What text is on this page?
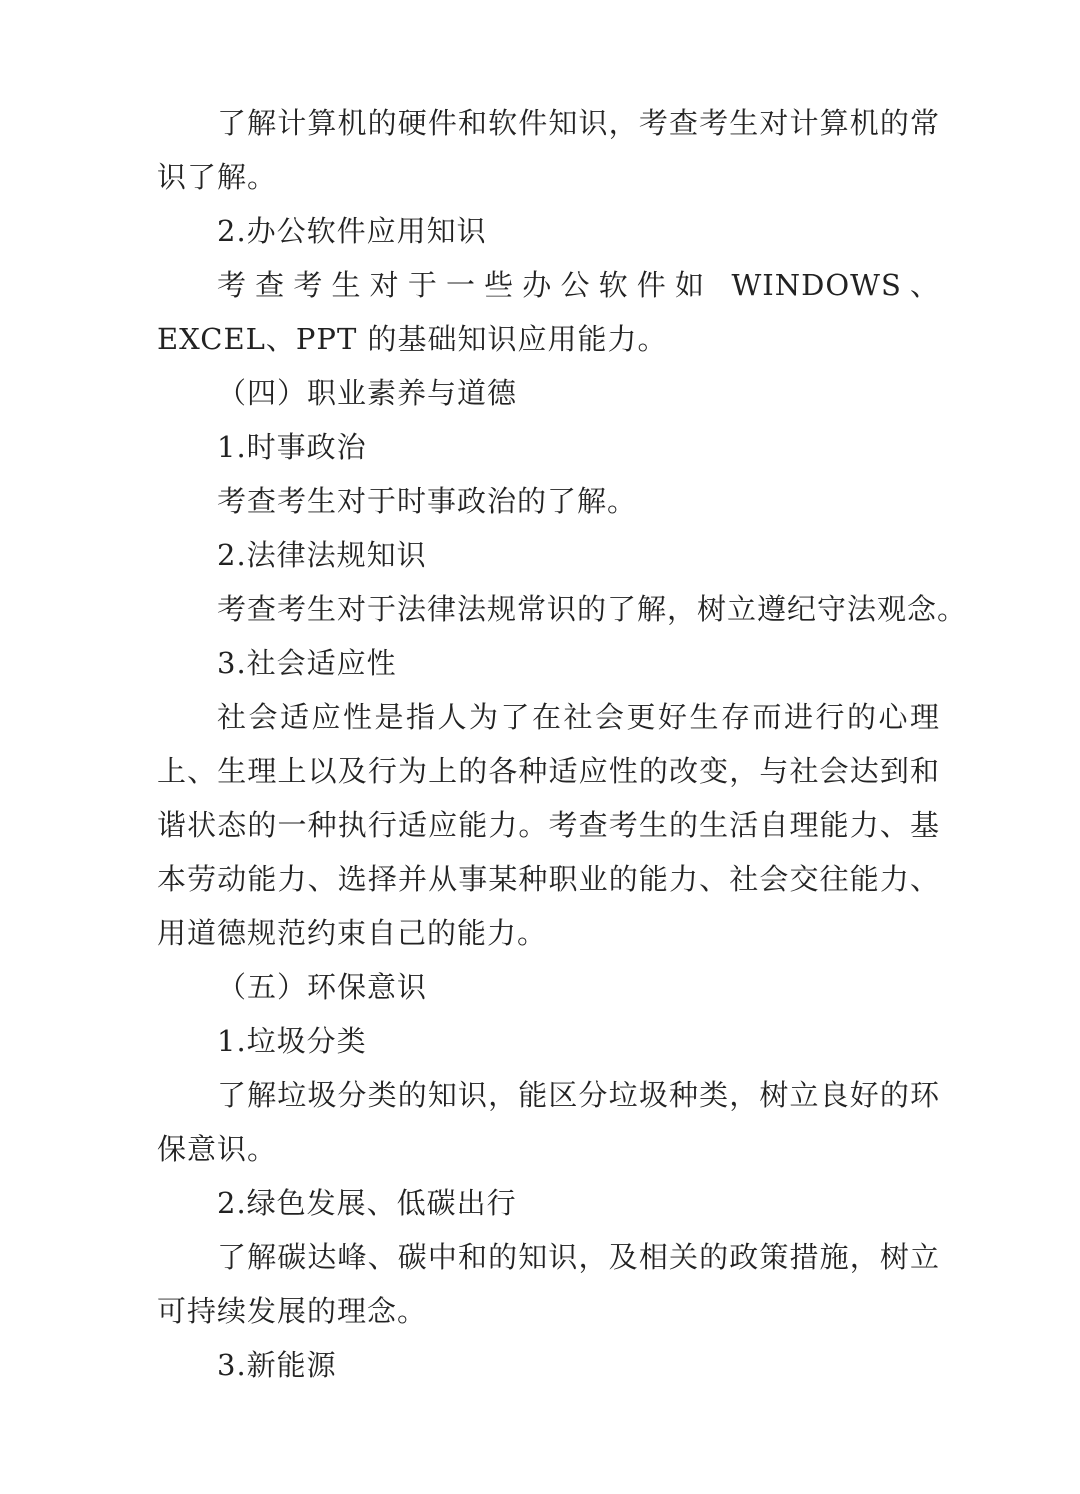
了解计算机的硬件和软件知识，考查考生对计算机的常
识了解。
2.办公软件应用知识
考查考生对于一些办公软件如 WINDOWS、
EXCEL、PPT 的基础知识应用能力。
（四）职业素养与道德
1.时事政治
考查考生对于时事政治的了解。
2.法律法规知识
考查考生对于法律法规常识的了解，树立遵纪守法观念。
3.社会适应性
社会适应性是指人为了在社会更好生存而进行的心理
上、生理上以及行为上的各种适应性的改变，与社会达到和
谐状态的一种执行适应能力。考查考生的生活自理能力、基
本劳动能力、选择并从事某种职业的能力、社会交往能力、
用道德规范约束自己的能力。
（五）环保意识
1.垃圾分类
了解垃圾分类的知识，能区分垃圾种类，树立良好的环
保意识。
2.绿色发展、低碳出行
了解碳达峰、碳中和的知识，及相关的政策措施，树立
可持续发展的理念。
3.新能源
